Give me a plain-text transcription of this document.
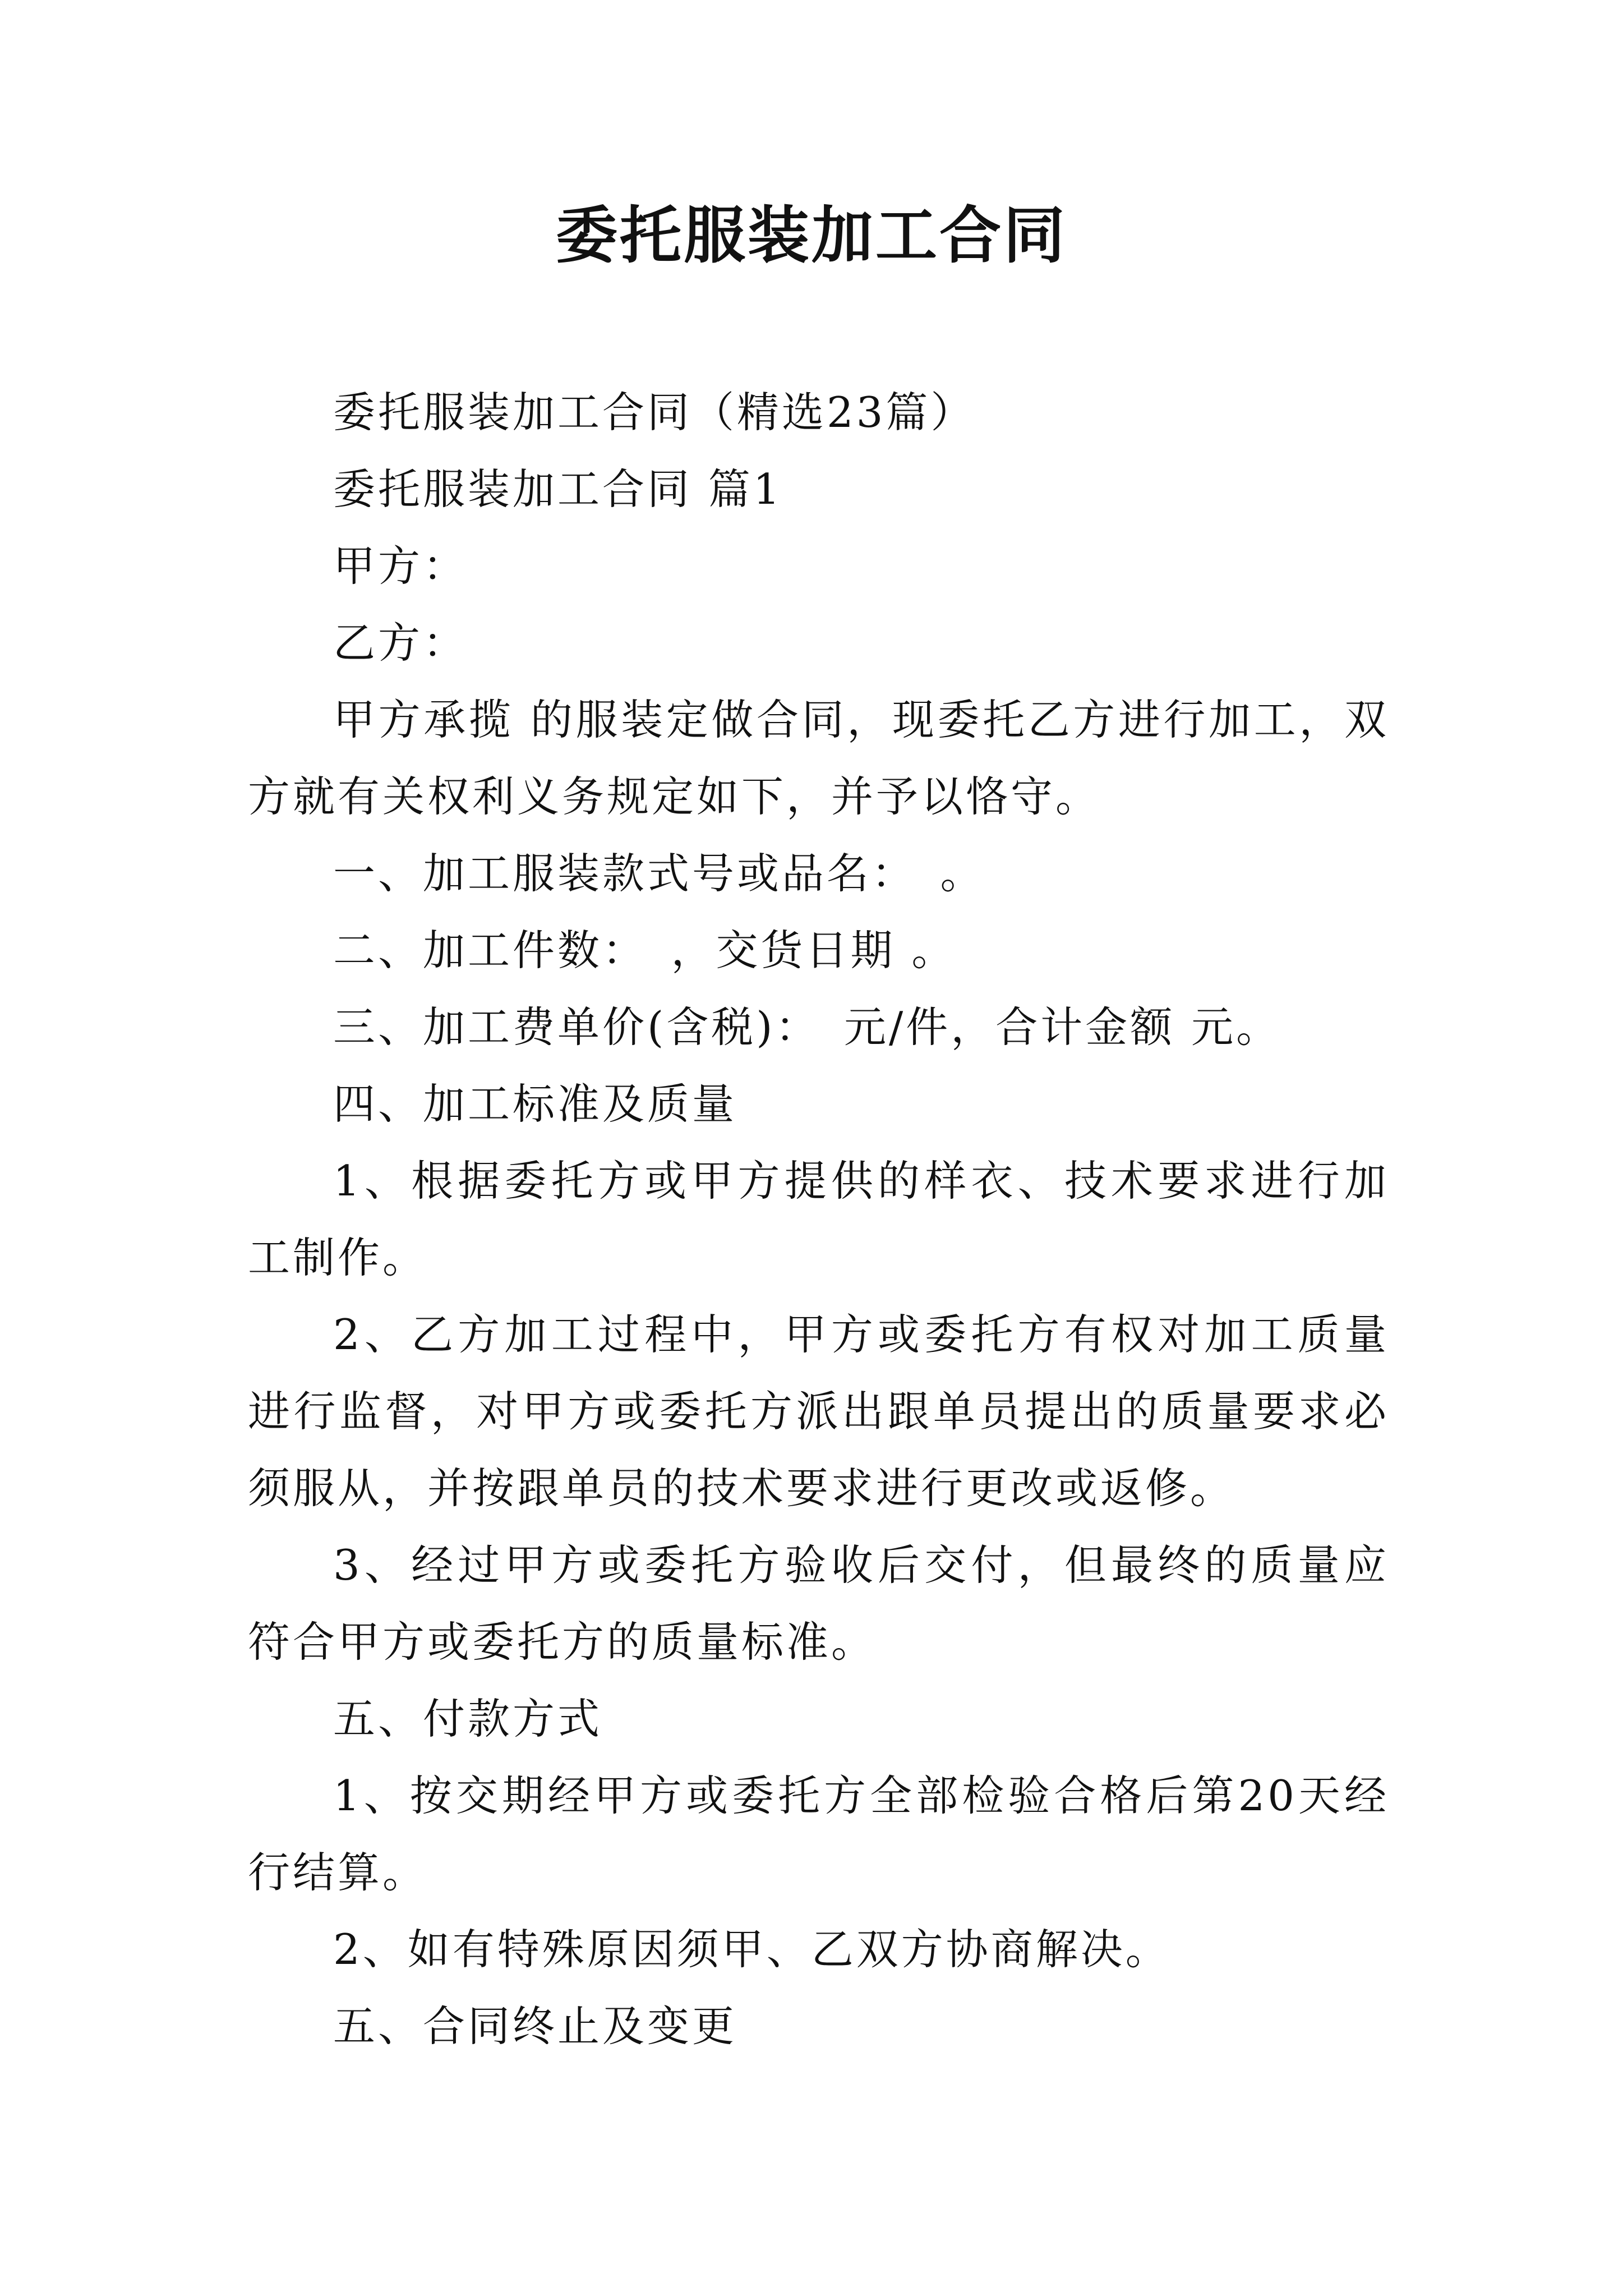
委托服装加工合同

委托服装加工合同（精选23篇）

委托服装加工合同 篇1

甲方：

乙方：

甲方承揽 的服装定做合同，现委托乙方进行加工，双方就有关权利义务规定如下，并予以恪守。

一、加工服装款式号或品名：　。

二、加工件数：　，交货日期 。

三、加工费单价(含税)：　元/件，合计金额 元。

四、加工标准及质量

1、根据委托方或甲方提供的样衣、技术要求进行加工制作。

2、乙方加工过程中，甲方或委托方有权对加工质量进行监督，对甲方或委托方派出跟单员提出的质量要求必须服从，并按跟单员的技术要求进行更改或返修。

3、经过甲方或委托方验收后交付，但最终的质量应符合甲方或委托方的质量标准。

五、付款方式

1、按交期经甲方或委托方全部检验合格后第20天经行结算。

2、如有特殊原因须甲、乙双方协商解决。

五、合同终止及变更
